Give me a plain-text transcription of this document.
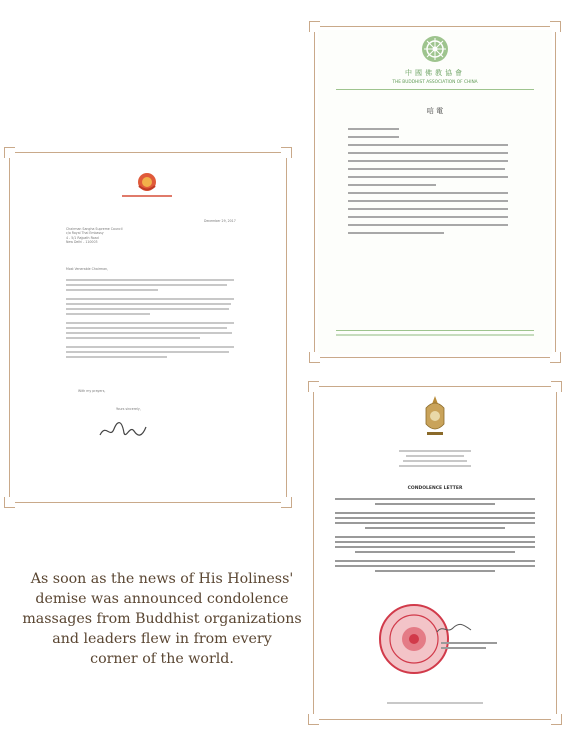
December 29, 2017
Chairman Sangha Supreme Council
c/o Royal Thai Embassy
4 - 5/1 Rajpath Road
New Delhi - 110003
Most Venerable Chairman,
With my prayers,
Yours sincerely,
中國佛教協會
THE BUDDHIST ASSOCIATION OF CHINA
唁 電
CONDOLENCE LETTER
As soon as the news of His Holiness'
demise was announced condolence
massages from Buddhist organizations
and leaders flew in from every
corner of the world.
